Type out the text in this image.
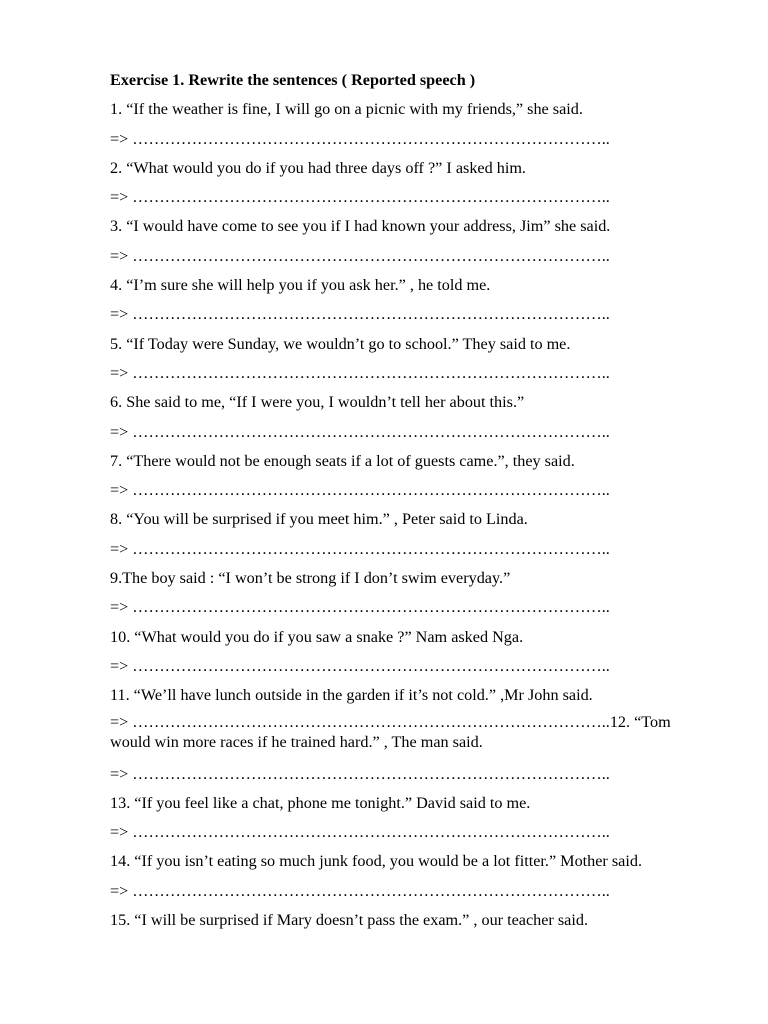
Exercise 1. Rewrite the sentences ( Reported speech )
1. “If the weather is fine, I will go on a picnic with my friends,” she said.
=> ……………………………………………………………………………..
2. “What would you do if you had three days off ?” I asked him.
=> ……………………………………………………………………………..
3. “I would have come to see you if I had known your address, Jim” she said.
=> ……………………………………………………………………………..
4. “I’m sure she will help you if you ask her.” , he told me.
=> ……………………………………………………………………………..
5. “If Today were Sunday, we wouldn’t go to school.” They said to me.
=> ……………………………………………………………………………..
6. She said to me, “If I were you, I wouldn’t tell her about this.”
=> ……………………………………………………………………………..
7. “There would not be enough seats if a lot of guests came.”, they said.
=> ……………………………………………………………………………..
8. “You will be surprised if you meet him.” , Peter said to Linda.
=> ……………………………………………………………………………..
9.The boy said : “I won’t be strong if I don’t swim everyday.”
=> ……………………………………………………………………………..
10. “What would you do if you saw a snake ?” Nam asked Nga.
=> ……………………………………………………………………………..
11. “We’ll have lunch outside in the garden if it’s not cold.” ,Mr John said.
=> ……………………………………………………………………………..12. “Tom would win more races if he trained hard.” , The man said.
=> ……………………………………………………………………………..
13. “If you feel like a chat, phone me tonight.” David said to me.
=> ……………………………………………………………………………..
14. “If you isn’t eating so much junk food, you would be a lot fitter.” Mother said.
=> ……………………………………………………………………………..
15. “I will be surprised if Mary doesn’t pass the exam.” , our teacher said.
